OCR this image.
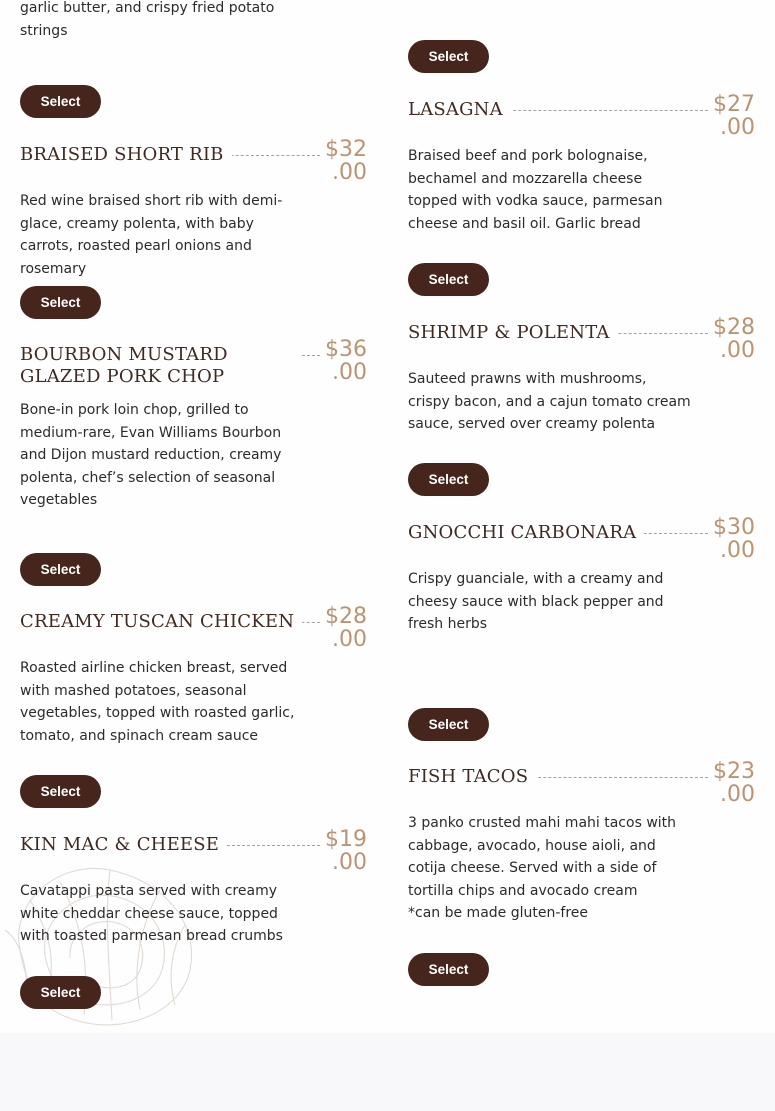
garlic butter, and crispy fried potato strings

Select
BRAISED SHORT RIB	$32
.00

Red wine braised short rib with demi-glace, creamy polenta, with baby carrots, roasted pearl onions and rosemary

Select
BOURBON MUSTARD GLAZED PORK CHOP
$36
.00

Bone-in pork loin chop, grilled to medium-rare, Evan Williams Bourbon and Dijon mustard reduction, creamy polenta, chef’s selection of seasonal vegetables

Select
CREAMY TUSCAN CHICKEN	$28
.00

Roasted airline chicken breast, served with mashed potatoes, seasonal vegetables, topped with roasted garlic, tomato, and spinach cream sauce

Select
KIN MAC & CHEESE	$19
.00

Cavatappi pasta served with creamy white cheddar cheese sauce, topped with toasted parmesan bread crumbs

Select
Select
LASAGNA	$27
.00

Braised beef and pork bolognaise, bechamel and mozzarella cheese topped with vodka sauce, parmesan cheese and basil oil. Garlic bread

Select
SHRIMP & POLENTA	$28
.00

Sauteed prawns with mushrooms, crispy bacon, and a cajun tomato cream sauce, served over creamy polenta

Select
GNOCCHI CARBONARA	$30
.00

Crispy guanciale, with a creamy and cheesy sauce with black pepper and fresh herbs

Select
FISH TACOS	$23
.00

3 panko crusted mahi mahi tacos with cabbage, avocado, house aioli, and cotija cheese. Served with a side of tortilla chips and avocado cream
*can be made gluten-free

Select
